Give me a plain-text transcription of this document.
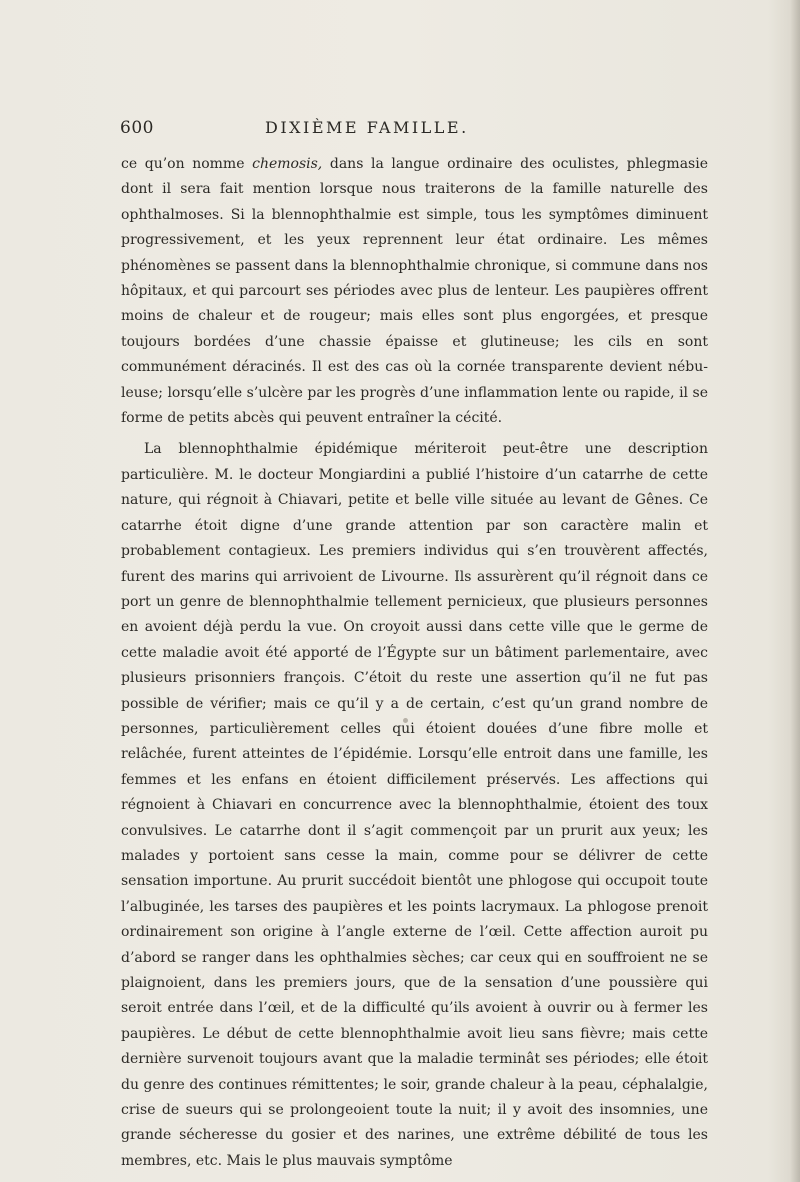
600	DIXIÈME FAMILLE.

ce qu’on nomme chemosis, dans la langue ordinaire des oculistes, phlegmasie dont il sera fait mention lorsque nous traiterons de la famille naturelle des ophthalmoses. Si la blennophthalmie est simple, tous les symptômes diminuent progressivement, et les yeux reprennent leur état ordinaire. Les mêmes phénomènes se passent dans la blennophthalmie chronique, si commune dans nos hôpitaux, et qui parcourt ses périodes avec plus de lenteur. Les paupières offrent moins de chaleur et de rougeur; mais elles sont plus engorgées, et presque toujours bordées d’une chassie épaisse et glutineuse; les cils en sont communément déracinés. Il est des cas où la cornée transparente devient nébuleuse; lorsqu’elle s’ulcère par les progrès d’une inflammation lente ou rapide, il se forme de petits abcès qui peuvent entraîner la cécité.

La blennophthalmie épidémique mériteroit peut-être une description particulière. M. le docteur Mongiardini a publié l’histoire d’un catarrhe de cette nature, qui régnoit à Chiavari, petite et belle ville située au levant de Gênes. Ce catarrhe étoit digne d’une grande attention par son caractère malin et probablement contagieux. Les premiers individus qui s’en trouvèrent affectés, furent des marins qui arrivoient de Livourne. Ils assurèrent qu’il régnoit dans ce port un genre de blennophthalmie tellement pernicieux, que plusieurs personnes en avoient déjà perdu la vue. On croyoit aussi dans cette ville que le germe de cette maladie avoit été apporté de l’Égypte sur un bâtiment parlementaire, avec plusieurs prisonniers françois. C’étoit du reste une assertion qu’il ne fut pas possible de vérifier; mais ce qu’il y a de certain, c’est qu’un grand nombre de personnes, particulièrement celles qui étoient douées d’une fibre molle et relâchée, furent atteintes de l’épidémie. Lorsqu’elle entroit dans une famille, les femmes et les enfans en étoient difficilement préservés. Les affections qui régnoient à Chiavari en concurrence avec la blennophthalmie, étoient des toux convulsives. Le catarrhe dont il s’agit commençoit par un prurit aux yeux; les malades y portoient sans cesse la main, comme pour se délivrer de cette sensation importune. Au prurit succédoit bientôt une phlogose qui occupoit toute l’albuginée, les tarses des paupières et les points lacrymaux. La phlogose prenoit ordinairement son origine à l’angle externe de l’œil. Cette affection auroit pu d’abord se ranger dans les ophthalmies sèches; car ceux qui en souffroient ne se plaignoient, dans les premiers jours, que de la sensation d’une poussière qui seroit entrée dans l’œil, et de la difficulté qu’ils avoient à ouvrir ou à fermer les paupières. Le début de cette blennophthalmie avoit lieu sans fièvre; mais cette dernière survenoit toujours avant que la maladie terminât ses périodes; elle étoit du genre des continues rémittentes; le soir, grande chaleur à la peau, céphalalgie, crise de sueurs qui se prolongeoient toute la nuit; il y avoit des insomnies, une grande sécheresse du gosier et des narines, une extrême débilité de tous les membres, etc. Mais le plus mauvais symptôme
